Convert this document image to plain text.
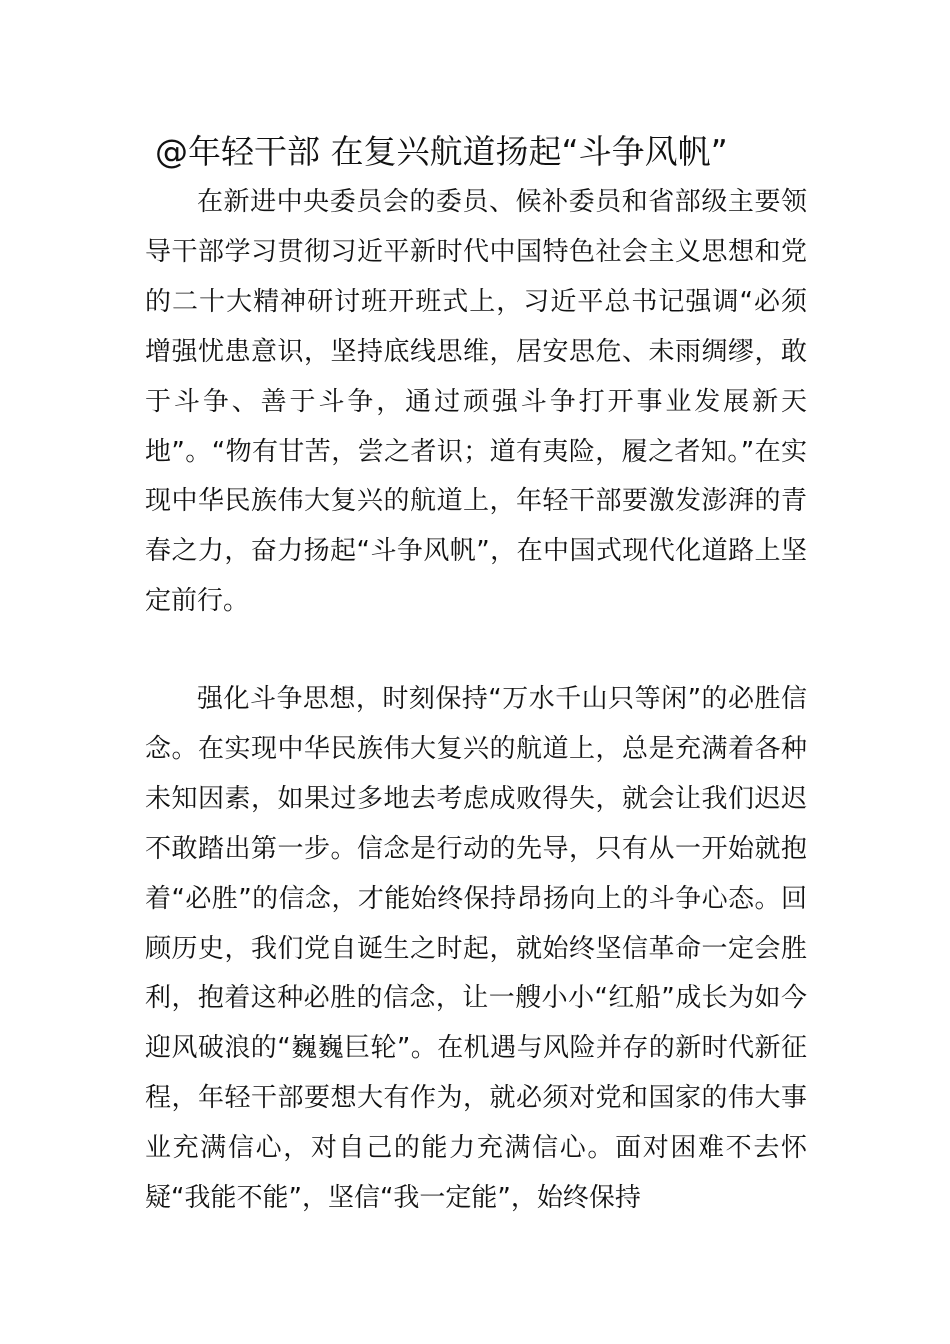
@年轻干部 在复兴航道扬起“斗争风帆”

在新进中央委员会的委员、候补委员和省部级主要领导干部学习贯彻习近平新时代中国特色社会主义思想和党的二十大精神研讨班开班式上，习近平总书记强调“必须增强忧患意识，坚持底线思维，居安思危、未雨绸缪，敢于斗争、善于斗争，通过顽强斗争打开事业发展新天地”。“物有甘苦，尝之者识；道有夷险，履之者知。”在实现中华民族伟大复兴的航道上，年轻干部要激发澎湃的青春之力，奋力扬起“斗争风帆”，在中国式现代化道路上坚定前行。

强化斗争思想，时刻保持“万水千山只等闲”的必胜信念。在实现中华民族伟大复兴的航道上，总是充满着各种未知因素，如果过多地去考虑成败得失，就会让我们迟迟不敢踏出第一步。信念是行动的先导，只有从一开始就抱着“必胜”的信念，才能始终保持昂扬向上的斗争心态。回顾历史，我们党自诞生之时起，就始终坚信革命一定会胜利，抱着这种必胜的信念，让一艘小小“红船”成长为如今迎风破浪的“巍巍巨轮”。在机遇与风险并存的新时代新征程，年轻干部要想大有作为，就必须对党和国家的伟大事业充满信心，对自己的能力充满信心。面对困难不去怀疑“我能不能”，坚信“我一定能”，始终保持
